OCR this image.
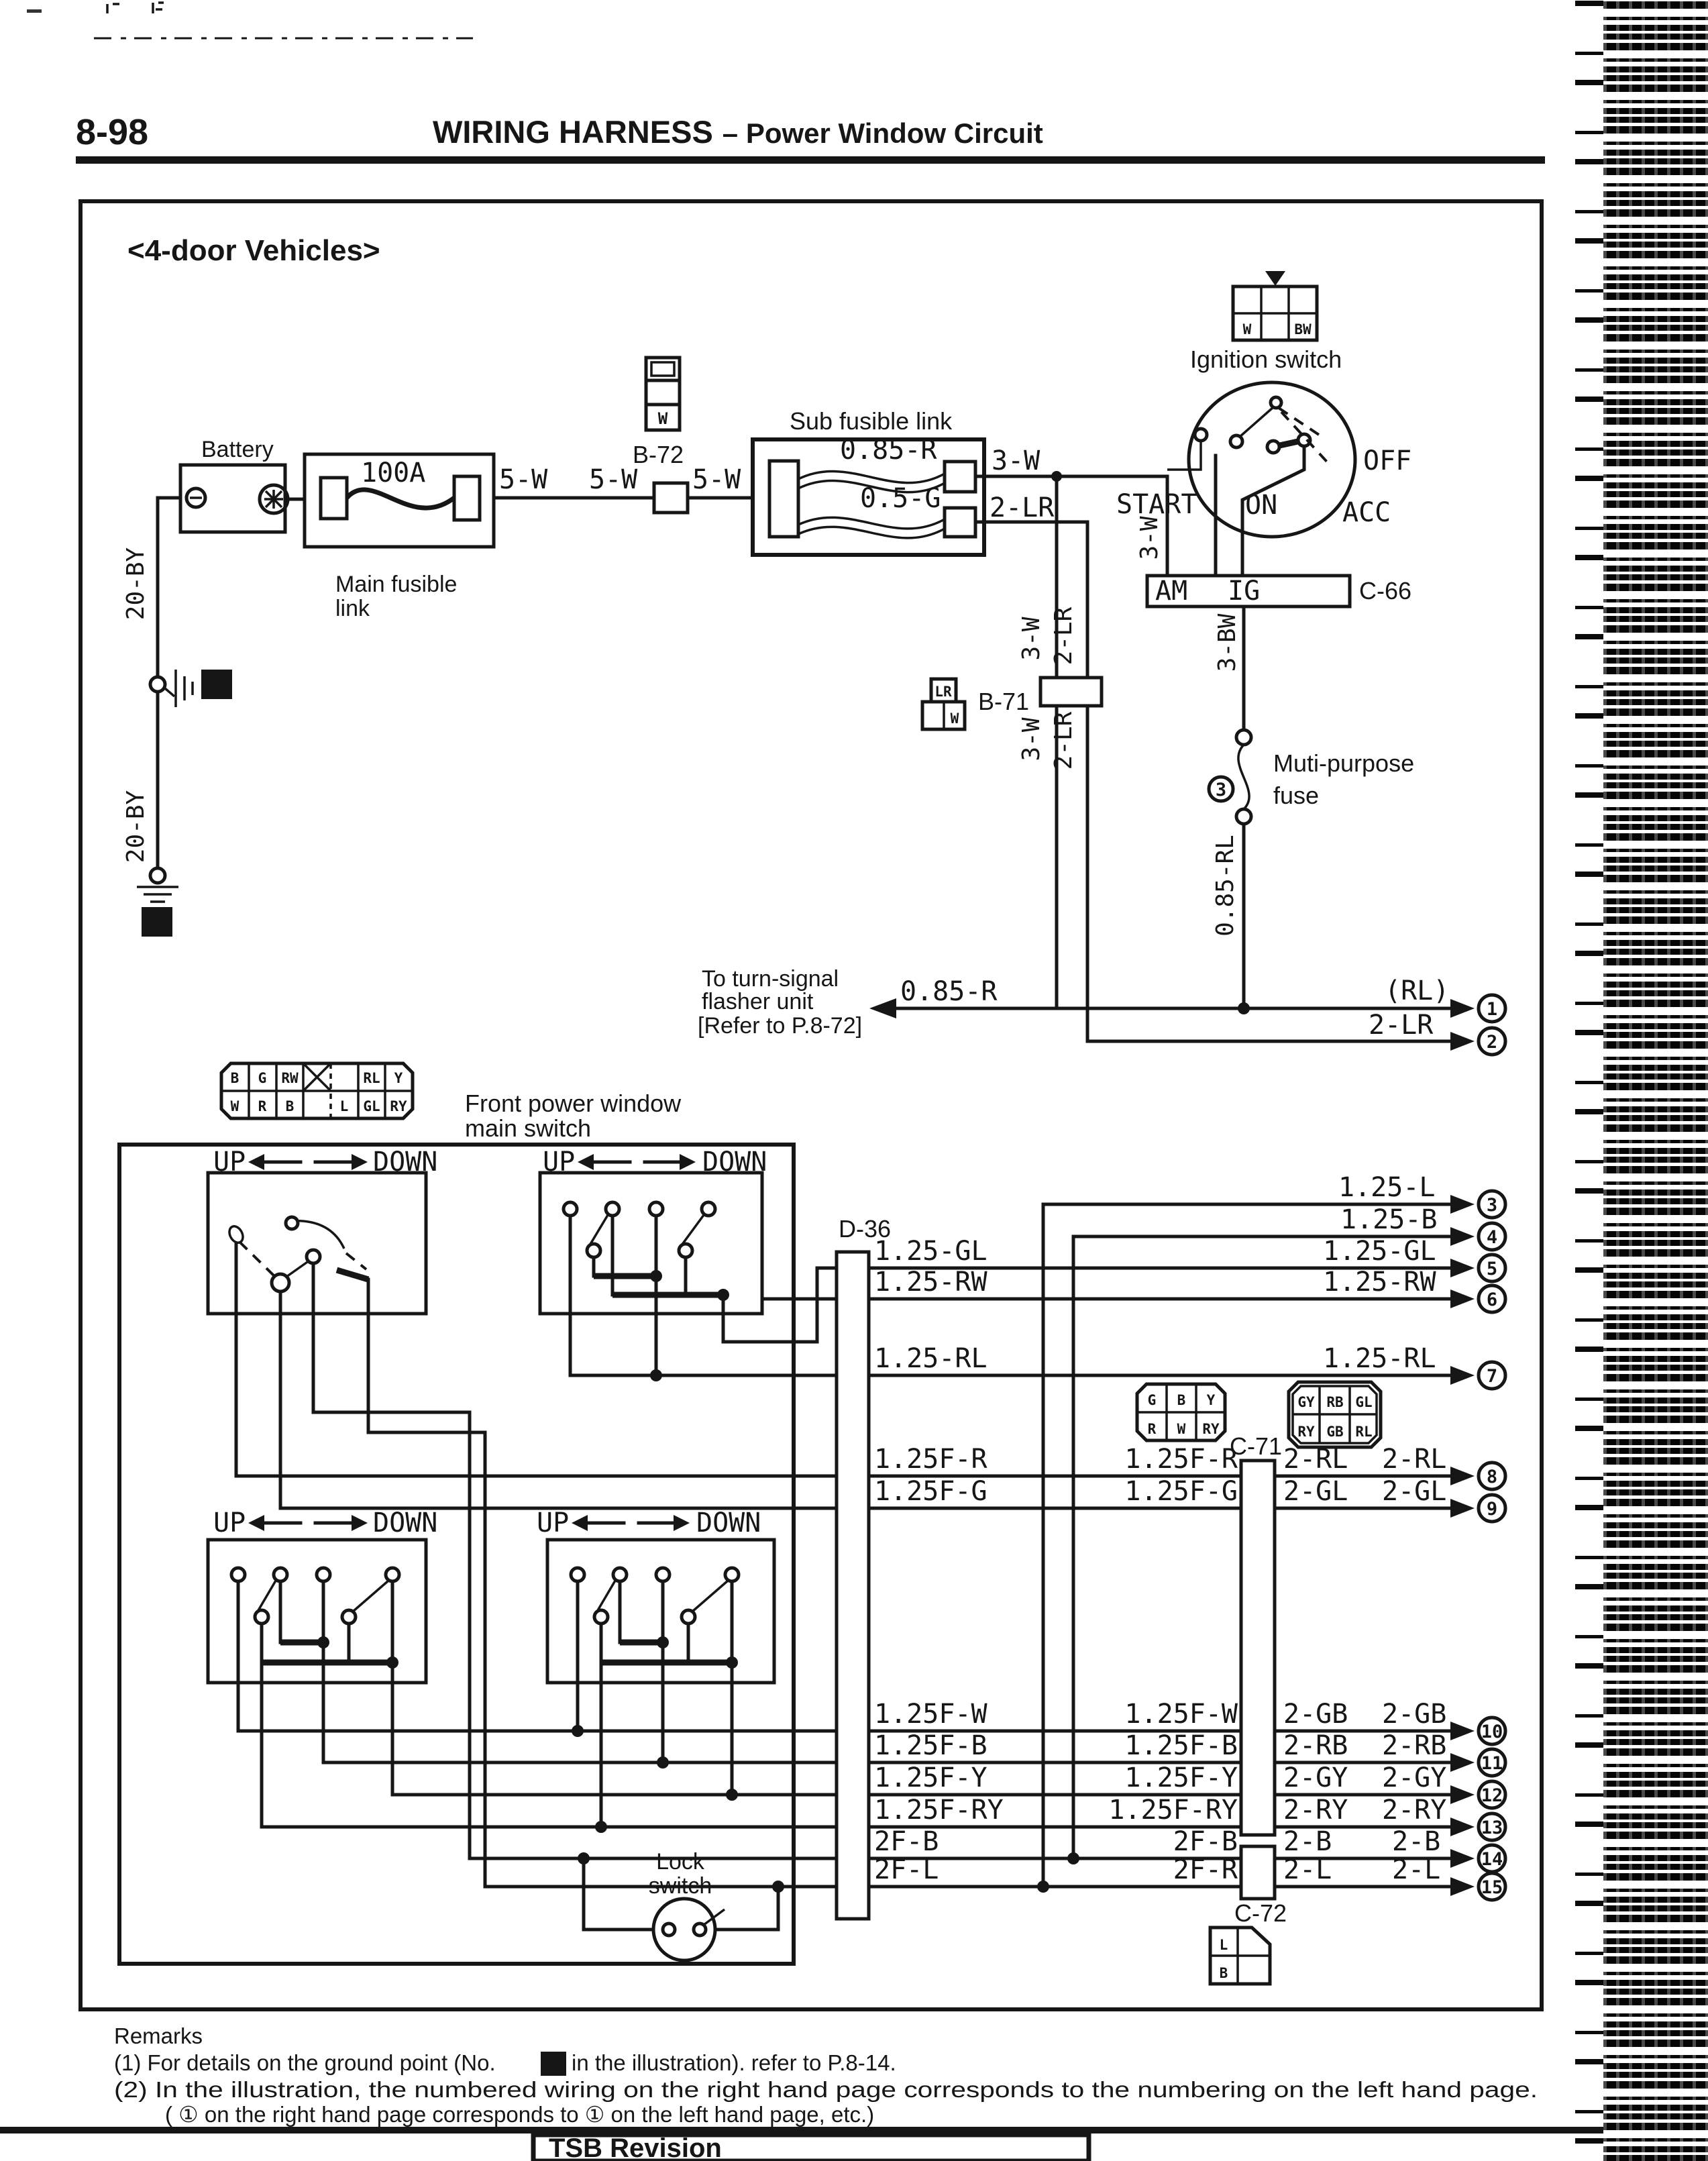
8-98	WIRING HARNESS – Power Window Circuit
<4-door Vehicles>
Battery
20-BY
2
20-BY
3
100A
Main fusible
link
5-W 5-W 5-W
W
B-72
Sub fusible link
0.85-R
0.5-G
3-W
2-LR
3-W 2-LR
3-W 2-LR
LR
W
B-71
3-W
W	BW
Ignition switch
OFF
ACC
ON
START
3-BW
AM IG	C-66
3
Muti-purpose
fuse
0.85-RL
To turn-signal
flasher unit
[Refer to P.8-72]
0.85-R	(RL)
1
2-LR
2
B G RW	RL Y
W R B	L GL RY Front power window
main switch
UP	DOWN	UP	DOWN
UP	DOWN	UP	DOWN
Lock
switch
D-36
G B Y
R W RY
GY RB GL
RY GB RL
C-71
C-72
L
B
3
4
5
6
7
8
9
10
11
12
13
14
15
1.25-L
1.25-B
1.25-GL	1.25-GL
1.25-RW	1.25-RW
1.25-RL	1.25-RL
1.25F-R	1.25F-R 2-RL 2-RL
1.25F-G	1.25F-G 2-GL 2-GL
1.25F-W	1.25F-W 2-GB 2-GB
1.25F-B	1.25F-B 2-RB 2-RB
1.25F-Y	1.25F-Y 2-GY 2-GY
1.25F-RY	1.25F-RY 2-RY 2-RY
2F-B	2F-B 2-B 2-B
2F-L	2F-R 2-L 2-L
Remarks
(1) For details on the ground point (No. 1 in the illustration). refer to P.8-14.
(2) In the illustration, the numbered wiring on the right hand page corresponds to the numbering on the left hand page.
( ① on the right hand page corresponds to ① on the left hand page, etc.)
TSB Revision
